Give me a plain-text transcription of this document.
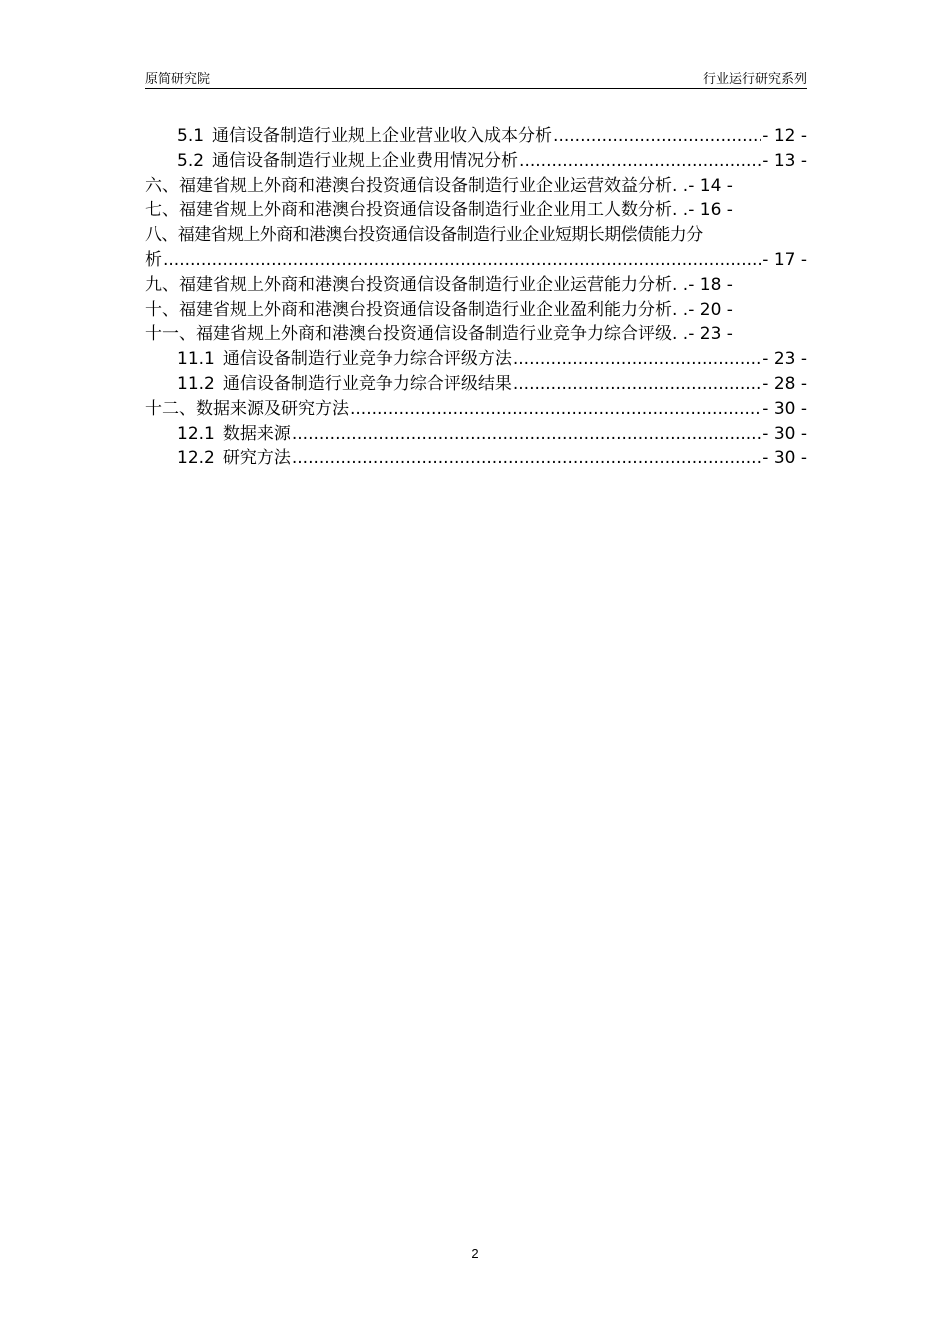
原简研究院	行业运行研究系列
5.1 通信设备制造行业规上企业营业收入成本分析 .....	- 12 -
5.2 通信设备制造行业规上企业费用情况分析 .....	- 13 -
六、福建省规上外商和港澳台投资通信设备制造行业企业运营效益分析. . - 14 -
七、福建省规上外商和港澳台投资通信设备制造行业企业用工人数分析. . - 16 -
八、福建省规上外商和港澳台投资通信设备制造行业企业短期长期偿债能力分
析 .....	- 17 -
九、福建省规上外商和港澳台投资通信设备制造行业企业运营能力分析. . - 18 -
十、福建省规上外商和港澳台投资通信设备制造行业企业盈利能力分析. . - 20 -
十一、福建省规上外商和港澳台投资通信设备制造行业竞争力综合评级. . - 23 -
11.1 通信设备制造行业竞争力综合评级方法 .....	- 23 -
11.2 通信设备制造行业竞争力综合评级结果 .....	- 28 -
十二、数据来源及研究方法 .....	- 30 -
12.1 数据来源 .....	- 30 -
12.2 研究方法 .....	- 30 -
2
